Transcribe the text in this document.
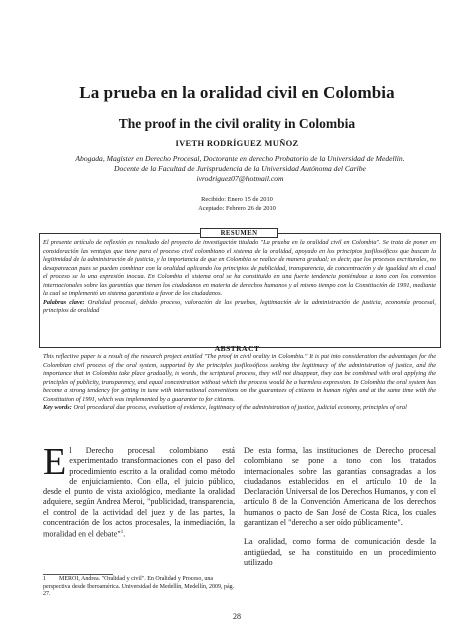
La prueba en la oralidad civil en Colombia
The proof in the civil orality in Colombia
IVETH RODRÍGUEZ MUÑOZ
Abogada, Magíster en Derecho Procesal, Doctorante en derecho Probatorio de la Universidad de Medellín.
Docente de la Facultad de Jurisprudencia de la Universidad Autónoma del Caribe
ivrodriguez07@hotmail.com
Recibido: Enero 15 de 2010
Aceptado: Febrero 26 de 2010
RESUMEN

El presente artículo de reflexión es resultado del proyecto de investigación titulado "La prueba en la oralidad civil en Colombia". Se trata de poner en consideración las ventajas que tiene para el proceso civil colombiano el sistema de la oralidad, apoyado en los principios jusfilosóficos que buscan la legitimidad de la administración de justicia, y la importancia de que en Colombia se realice de manera gradual; es decir, que los procesos escriturales, no desaparezcan pues se pueden combinar con la oralidad aplicando los principios de publicidad, transparencia, de concentración y de igualdad sin el cual el proceso se lo una expresión inocua. En Colombia el sistema oral se ha constituido en una fuerte tendencia poniéndose a tono con los convenios internacionales sobre las garantías que tienen los ciudadanos en materia de derechos humanos y al mismo tiempo con la Constitución de 1991, mediante la cual se implementó un sistema garantista a favor de los ciudadanos.

Palabras clave: Oralidad procesal, debido proceso, valoración de las pruebas, legitimación de la administración de justicia, economía procesal, principios de oralidad

ABSTRACT

This reflective paper is a result of the research project entitled "The proof in civil orality in Colombia." It is put into consideration the advantages for the Colombian civil process of the oral system, supported by the principles jusfilosóficos seeking the legitimacy of the administration of justice, and the importance that in Colombia take place gradually, is words, the scriptural process, they will not disappear, they can be combined with oral applying the principles of publicity, transparency, and equal concentration without which the process would be a harmless expression. In Colombia the oral system has become a strong tendency for getting in tune with international conventions on the guarantees of citizens in human rights and at the same time with the Constitution of 1991, which was implemented by a guarantor to for citizens.

Key words: Oral procedural due process, evaluation of evidence, legitimacy of the administration of justice, judicial economy, principles of oral

El Derecho procesal colombiano está experimentado transformaciones con el paso del procedimiento escrito a la oralidad como método de enjuiciamiento. Con ella, el juicio público, desde el punto de vista axiológico, mediante la oralidad adquiere, según Andrea Meroi, "publicidad, transparencia, el control de la actividad del juez y de las partes, la concentración de los actos procesales, la inmediación, la moralidad en el debate"$^1$.

De esta forma, las instituciones de Derecho procesal colombiano se pone a tono con los tratados internacionales sobre las garantías consagradas a los ciudadanos establecidos en el artículo 10 de la Declaración Universal de los Derechos Humanos, y con el artículo 8 de la Convención Americana de los derechos humanos o pacto de San José de Costa Rica, los cuales garantizan el "derecho a ser oído públicamente".

La oralidad, como forma de comunicación desde la antigüedad, se ha constituido en un procedimiento utilizado

1 MEROI, Andrea. "Oralidad y civil". En Oralidad y Proceso, una perspectiva desde Iberoamérica. Universidad de Medellín, Medellín, 2009, pág. 27.
28
